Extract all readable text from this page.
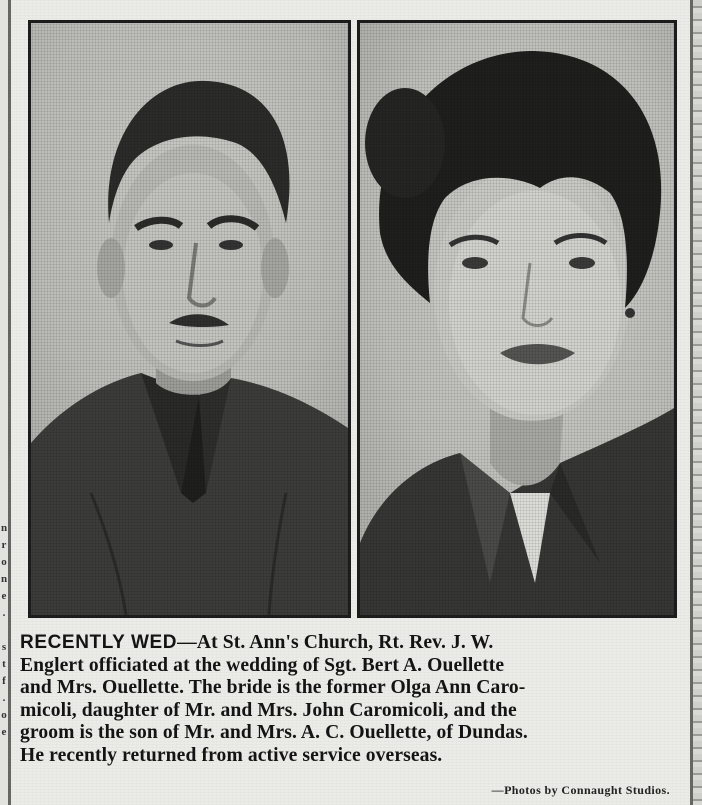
n
r
o
n
e
.

s
t
f
.
o
e
RECENTLY WED—At St. Ann's Church, Rt. Rev. J. W.
Englert officiated at the wedding of Sgt. Bert A. Ouellette
and Mrs. Ouellette. The bride is the former Olga Ann Caro-
micoli, daughter of Mr. and Mrs. John Caromicoli, and the
groom is the son of Mr. and Mrs. A. C. Ouellette, of Dundas.
He recently returned from active service overseas.
—Photos by Connaught Studios.
